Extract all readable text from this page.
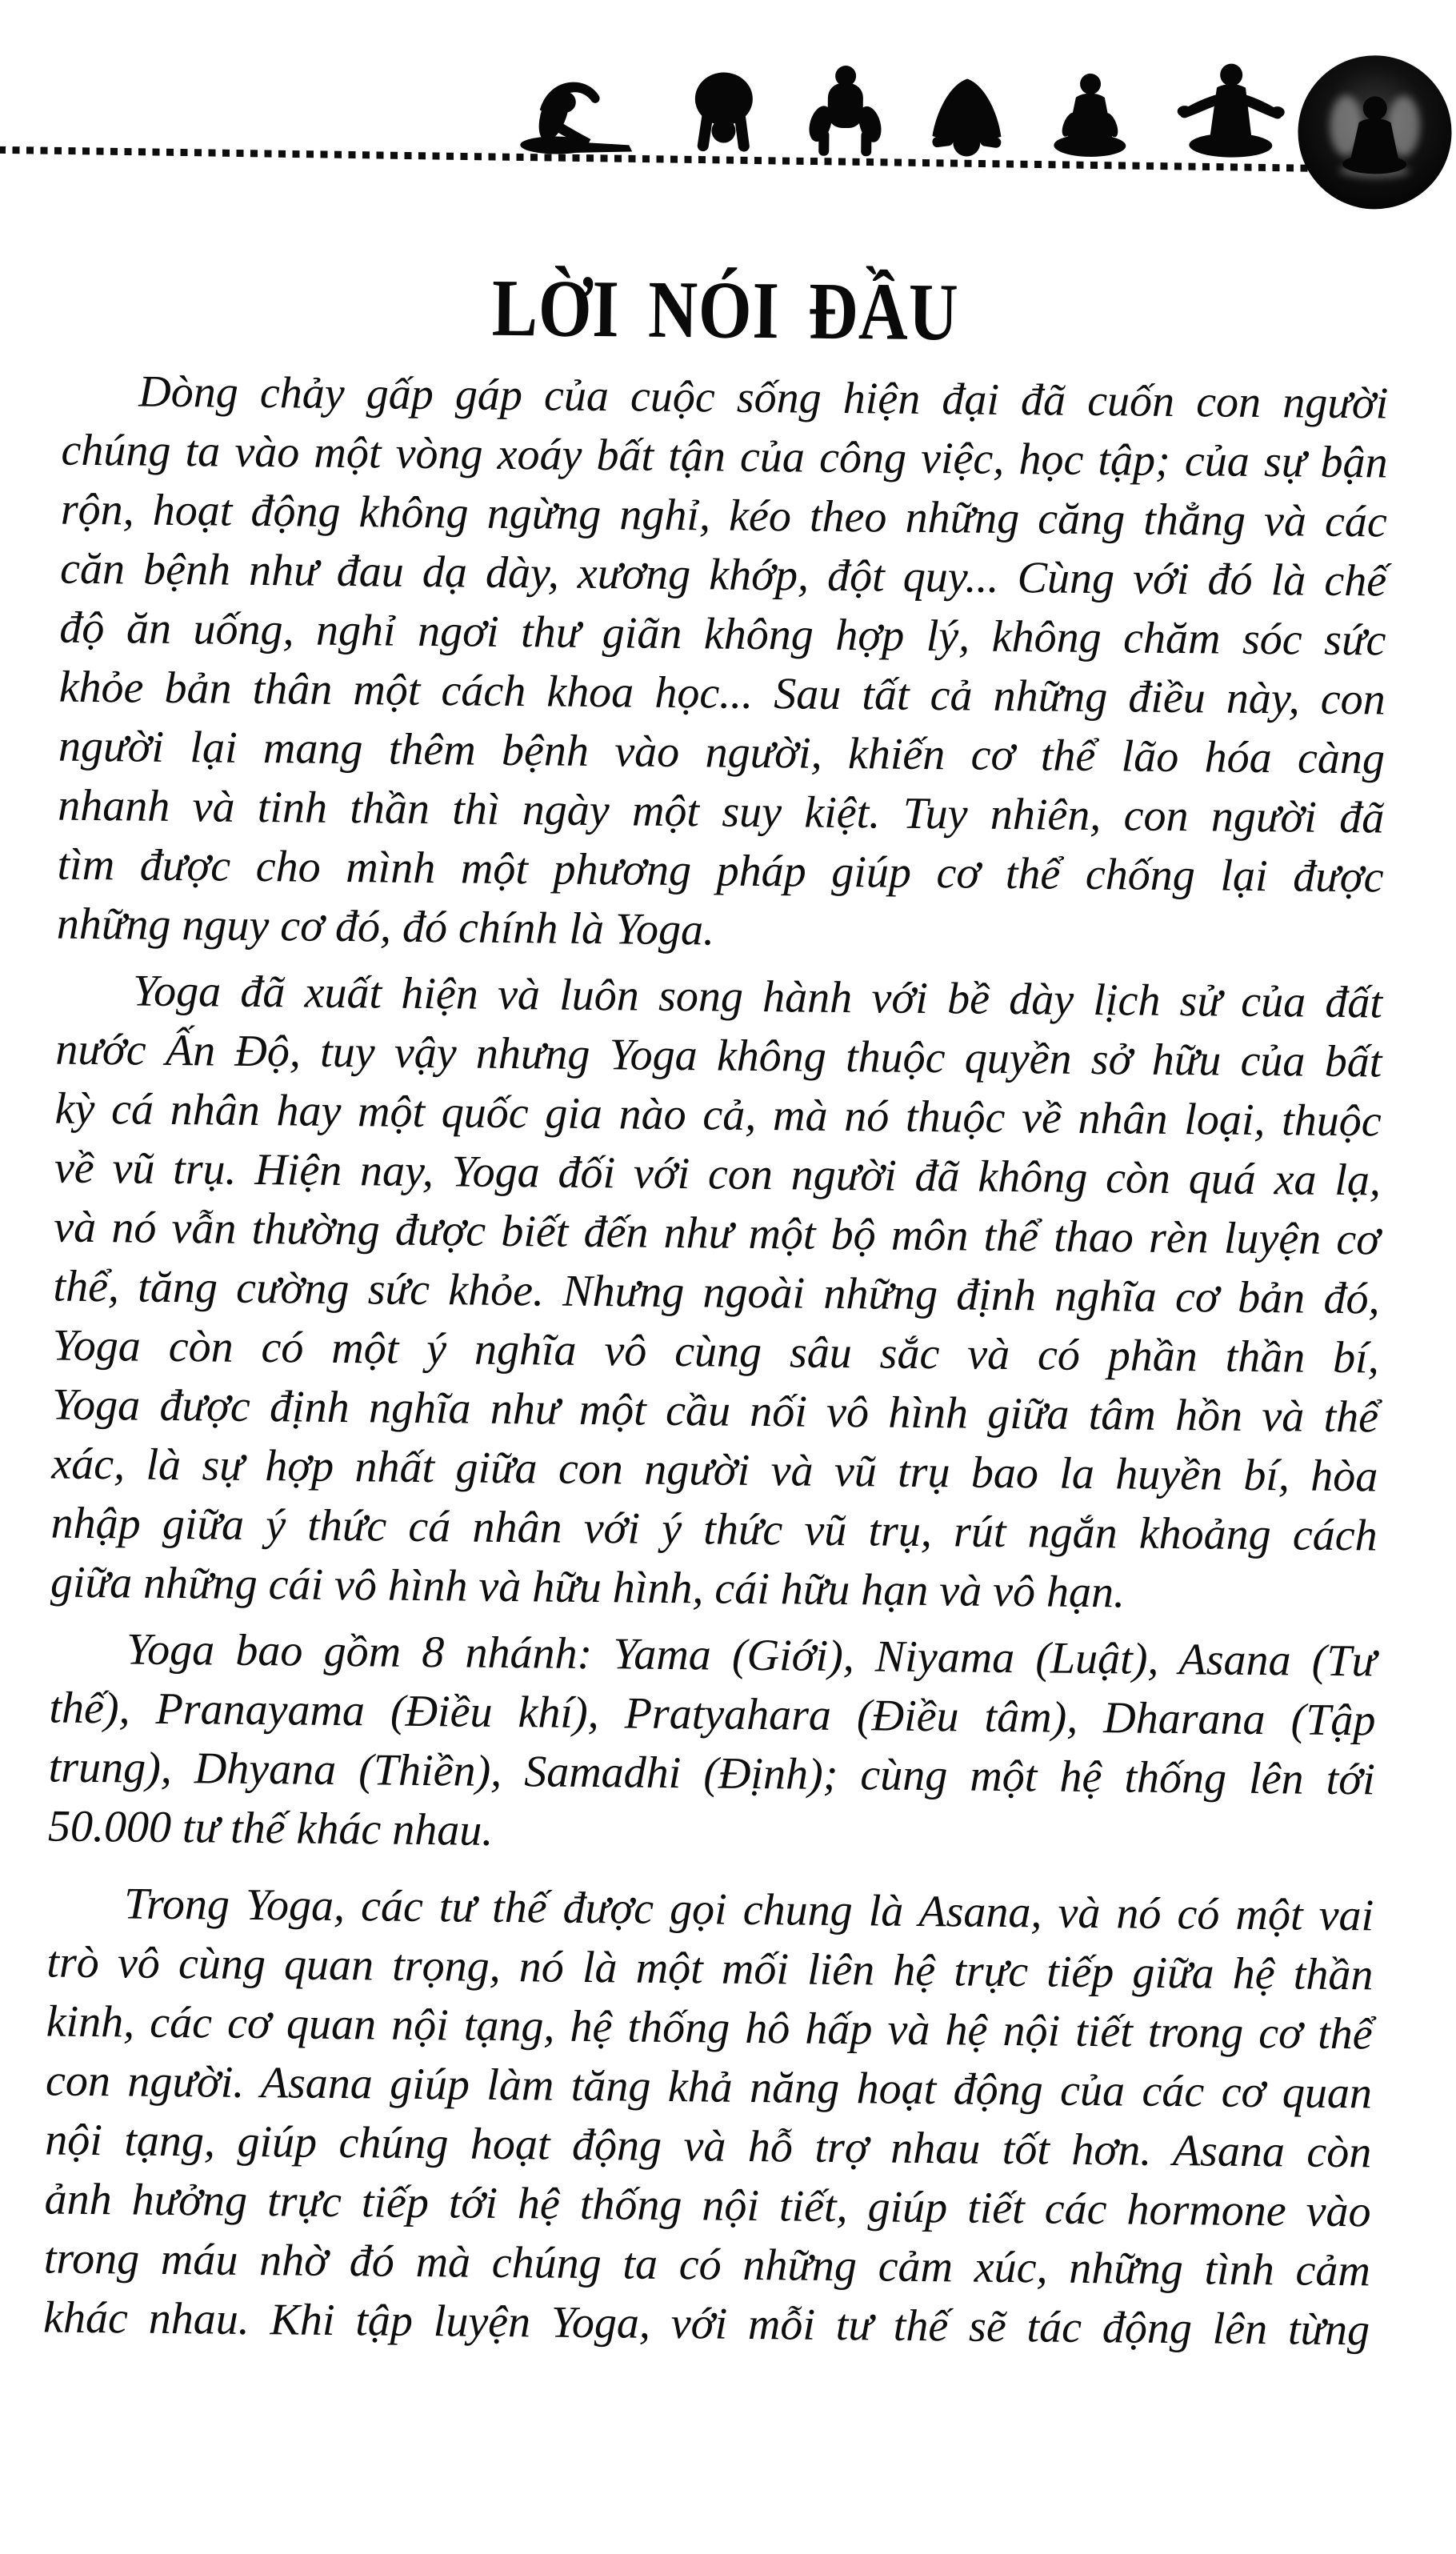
LỜI NÓI ĐẦU
Dòng chảy gấp gáp của cuộc sống hiện đại đã cuốn con người
chúng ta vào một vòng xoáy bất tận của công việc, học tập; của sự bận
rộn, hoạt động không ngừng nghỉ, kéo theo những căng thẳng và các
căn bệnh như đau dạ dày, xương khớp, đột quy... Cùng với đó là chế
độ ăn uống, nghỉ ngơi thư giãn không hợp lý, không chăm sóc sức
khỏe bản thân một cách khoa học... Sau tất cả những điều này, con
người lại mang thêm bệnh vào người, khiến cơ thể lão hóa càng
nhanh và tinh thần thì ngày một suy kiệt. Tuy nhiên, con người đã
tìm được cho mình một phương pháp giúp cơ thể chống lại được
những nguy cơ đó, đó chính là Yoga.
Yoga đã xuất hiện và luôn song hành với bề dày lịch sử của đất
nước Ấn Độ, tuy vậy nhưng Yoga không thuộc quyền sở hữu của bất
kỳ cá nhân hay một quốc gia nào cả, mà nó thuộc về nhân loại, thuộc
về vũ trụ. Hiện nay, Yoga đối với con người đã không còn quá xa lạ,
và nó vẫn thường được biết đến như một bộ môn thể thao rèn luyện cơ
thể, tăng cường sức khỏe. Nhưng ngoài những định nghĩa cơ bản đó,
Yoga còn có một ý nghĩa vô cùng sâu sắc và có phần thần bí,
Yoga được định nghĩa như một cầu nối vô hình giữa tâm hồn và thể
xác, là sự hợp nhất giữa con người và vũ trụ bao la huyền bí, hòa
nhập giữa ý thức cá nhân với ý thức vũ trụ, rút ngắn khoảng cách
giữa những cái vô hình và hữu hình, cái hữu hạn và vô hạn.
Yoga bao gồm 8 nhánh: Yama (Giới), Niyama (Luật), Asana (Tư
thế), Pranayama (Điều khí), Pratyahara (Điều tâm), Dharana (Tập
trung), Dhyana (Thiền), Samadhi (Định); cùng một hệ thống lên tới
50.000 tư thế khác nhau.
Trong Yoga, các tư thế được gọi chung là Asana, và nó có một vai
trò vô cùng quan trọng, nó là một mối liên hệ trực tiếp giữa hệ thần
kinh, các cơ quan nội tạng, hệ thống hô hấp và hệ nội tiết trong cơ thể
con người. Asana giúp làm tăng khả năng hoạt động của các cơ quan
nội tạng, giúp chúng hoạt động và hỗ trợ nhau tốt hơn. Asana còn
ảnh hưởng trực tiếp tới hệ thống nội tiết, giúp tiết các hormone vào
trong máu nhờ đó mà chúng ta có những cảm xúc, những tình cảm
khác nhau. Khi tập luyện Yoga, với mỗi tư thế sẽ tác động lên từng
